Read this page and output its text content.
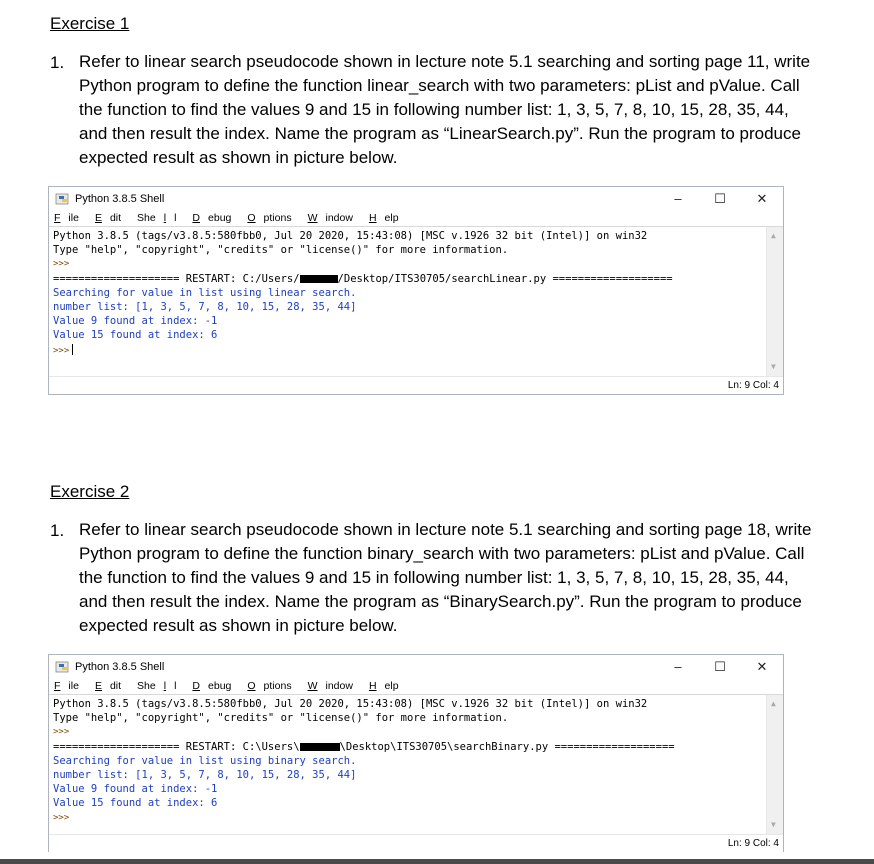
Exercise 1
1. Refer to linear search pseudocode shown in lecture note 5.1 searching and sorting page 11, write Python program to define the function linear_search with two parameters: pList and pValue. Call the function to find the values 9 and 15 in following number list: 1, 3, 5, 7, 8, 10, 15, 28, 35, 44, and then result the index. Name the program as “LinearSearch.py”. Run the program to produce expected result as shown in picture below.
Python 3.8.5 Shell	–	☐	✕
F ile	E dit	She l l	D ebug	O ptions	W indow	H elp
Python 3.8.5 (tags/v3.8.5:580fbb0, Jul 20 2020, 15:43:08) [MSC v.1926 32 bit (Intel)] on win32
Type "help", "copyright", "credits" or "license()" for more information.
>>>
==================== RESTART: C:/Users/	/Desktop/ITS30705/searchLinear.py ===================
Searching for value in list using linear search.
number list: [1, 3, 5, 7, 8, 10, 15, 28, 35, 44]
Value 9 found at index: -1
Value 15 found at index: 6
>>>
▲
▼
Ln: 9 Col: 4
Exercise 2
1. Refer to linear search pseudocode shown in lecture note 5.1 searching and sorting page 18, write Python program to define the function binary_search with two parameters: pList and pValue. Call the function to find the values 9 and 15 in following number list: 1, 3, 5, 7, 8, 10, 15, 28, 35, 44, and then result the index. Name the program as “BinarySearch.py”. Run the program to produce expected result as shown in picture below.
Python 3.8.5 Shell	–	☐	✕
F ile	E dit	She l l	D ebug	O ptions	W indow	H elp
Python 3.8.5 (tags/v3.8.5:580fbb0, Jul 20 2020, 15:43:08) [MSC v.1926 32 bit (Intel)] on win32
Type "help", "copyright", "credits" or "license()" for more information.
>>>
==================== RESTART: C:\Users\	\Desktop\ITS30705\searchBinary.py ===================
Searching for value in list using binary search.
number list: [1, 3, 5, 7, 8, 10, 15, 28, 35, 44]
Value 9 found at index: -1
Value 15 found at index: 6
>>>
▲
▼
Ln: 9 Col: 4
